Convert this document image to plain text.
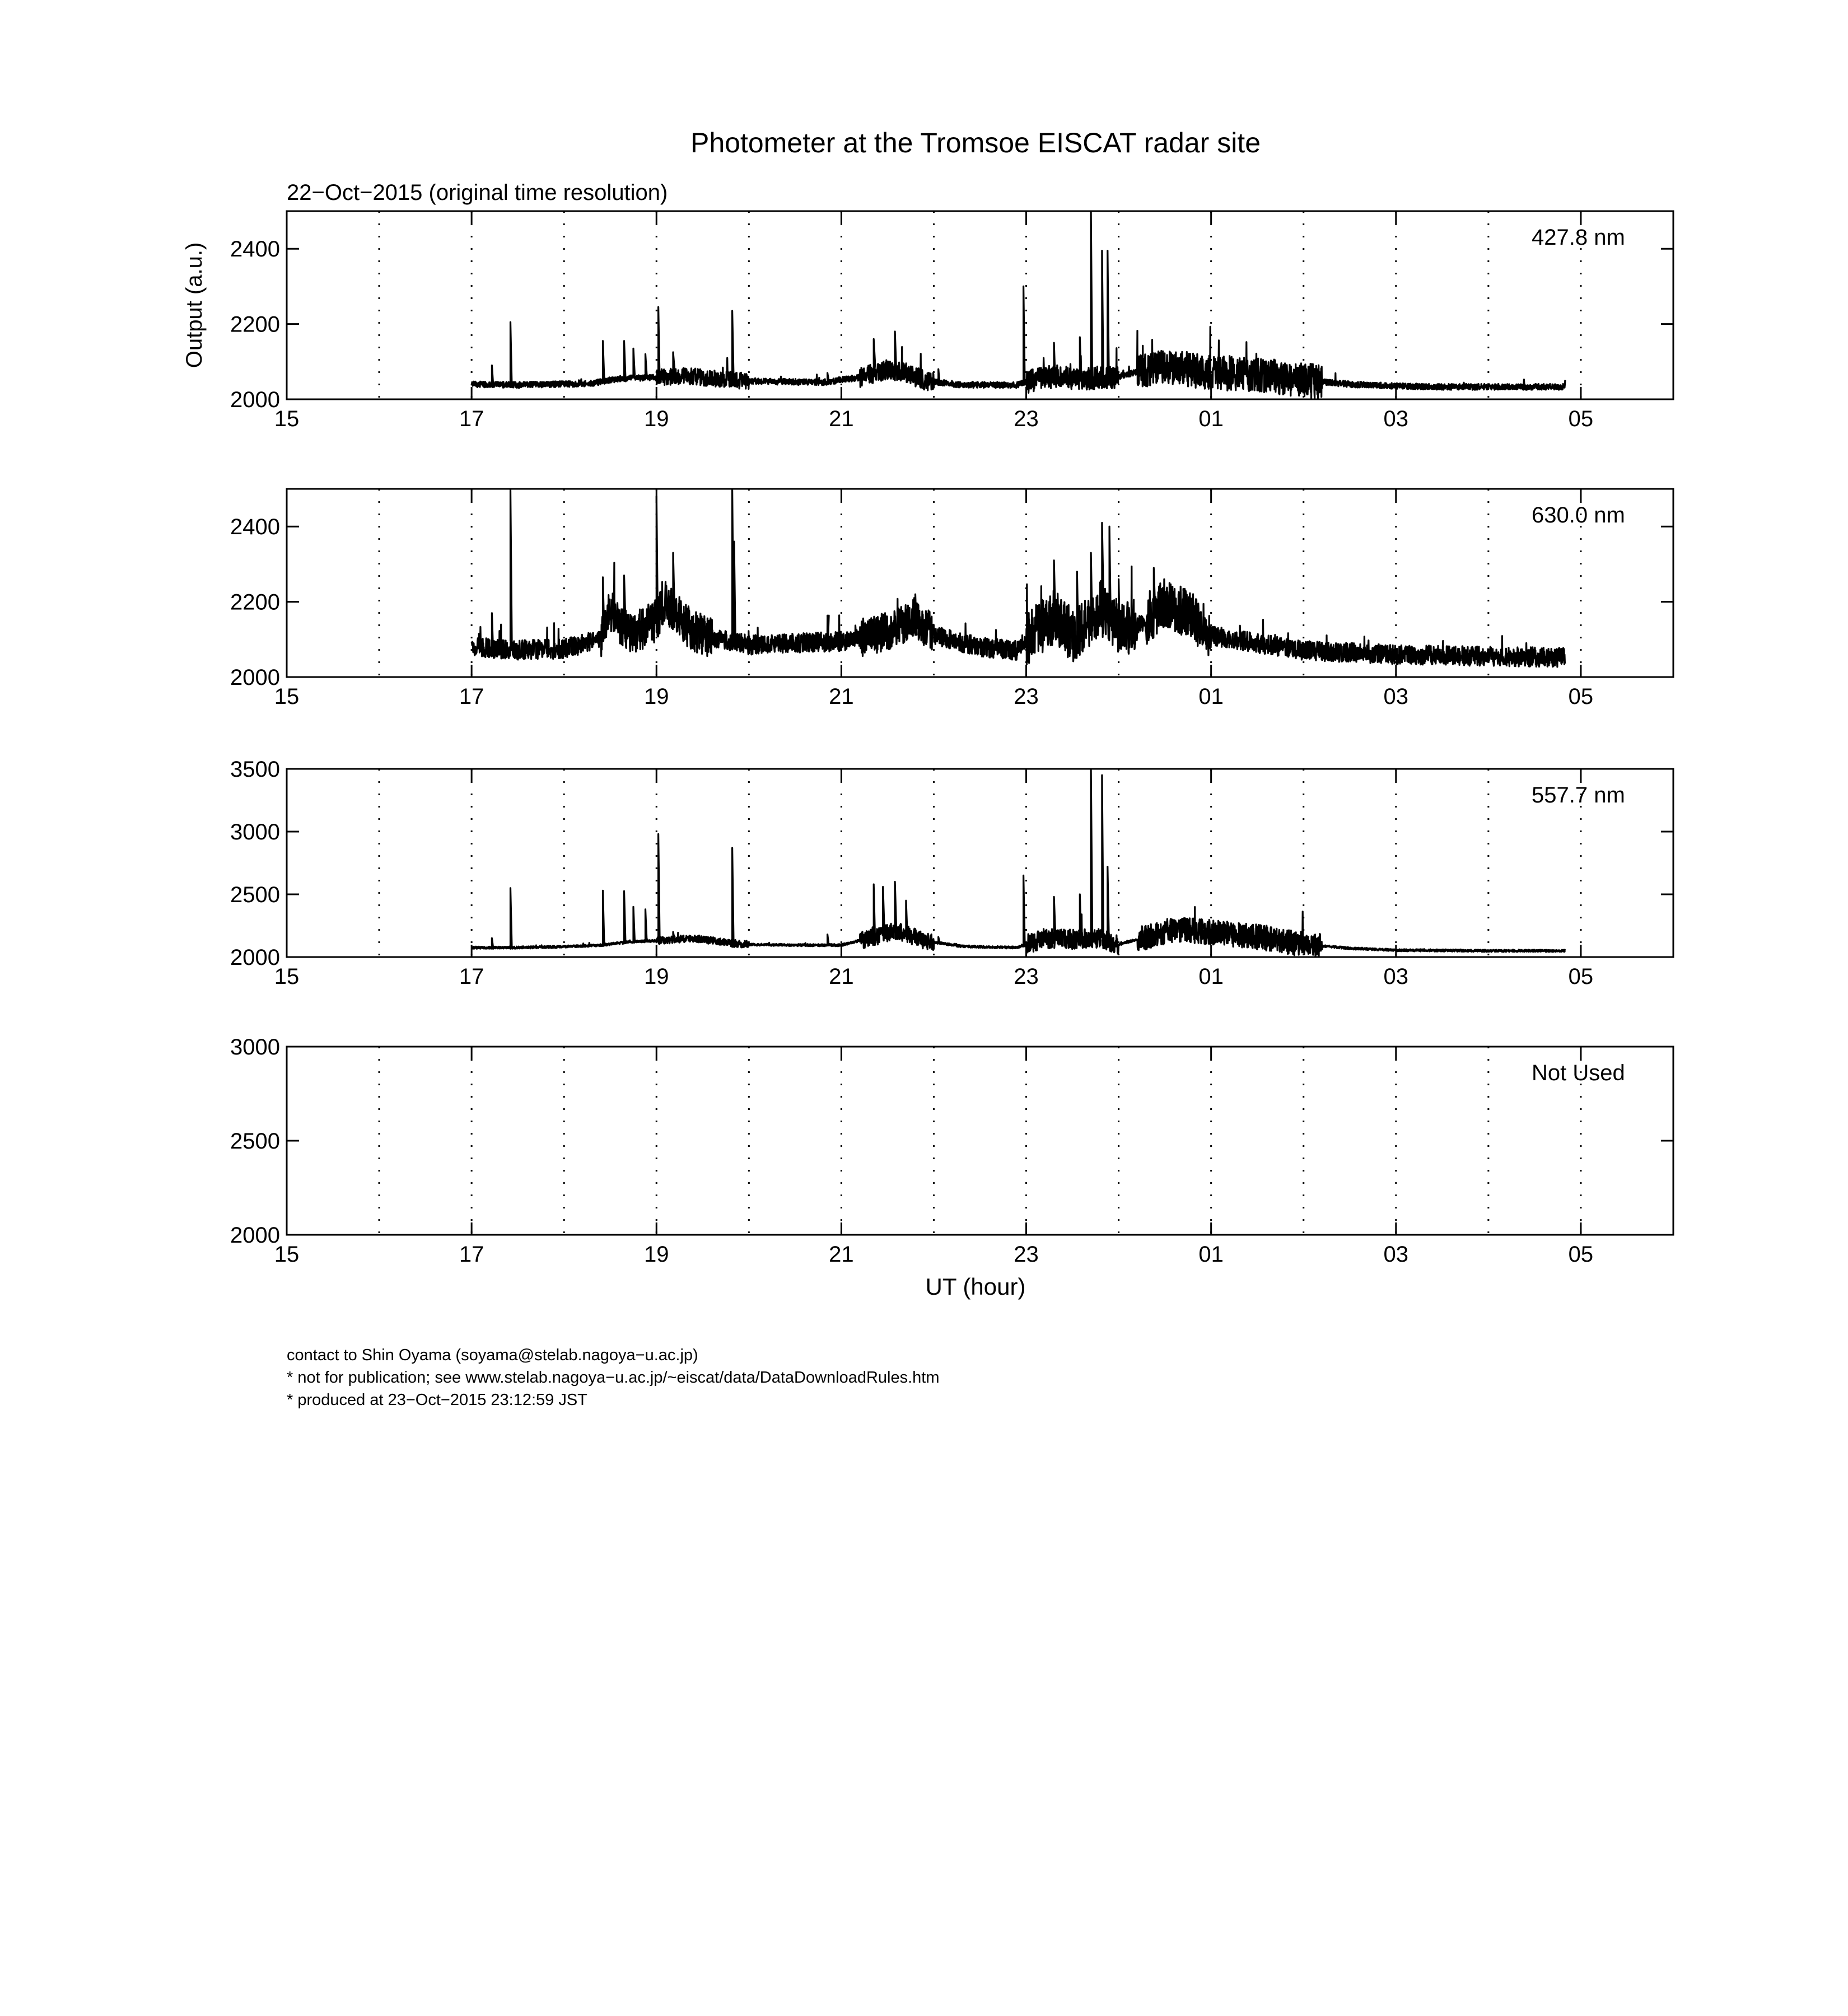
Photometer at the Tromsoe EISCAT radar site
22−Oct−2015 (original time resolution)
Output (a.u.)
UT (hour)
15	17	19	21	23	01	03	05
2000
2200
2400	427.8 nm
15	17	19	21	23	01	03	05
2000
2200
2400	630.0 nm
15	17	19	21	23	01	03	05
2000
2500
3000
3500
557.7 nm
15	17	19	21	23	01	03	05
2000
2500
3000
Not Used
contact to Shin Oyama (soyama@stelab.nagoya−u.ac.jp)
* not for publication; see www.stelab.nagoya−u.ac.jp/~eiscat/data/DataDownloadRules.htm
* produced at 23−Oct−2015 23:12:59 JST
